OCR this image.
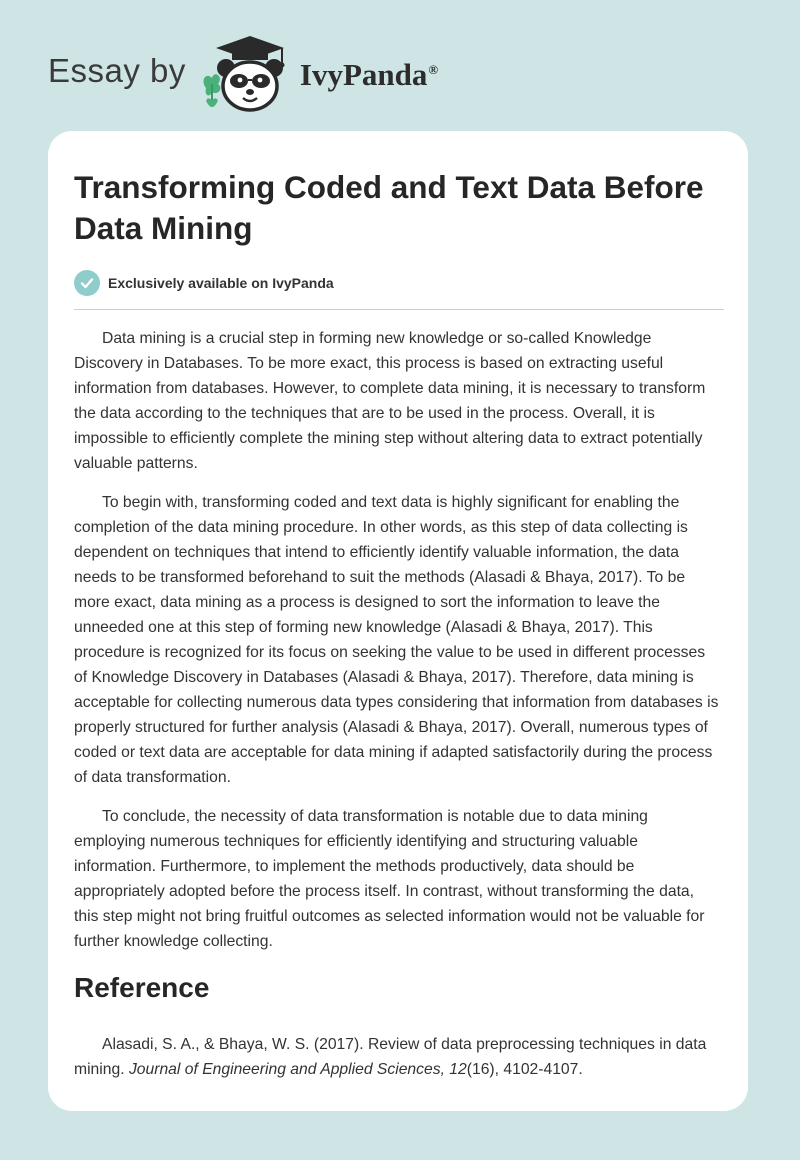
Essay by	IvyPanda®
Transforming Coded and Text Data Before Data Mining
Exclusively available on IvyPanda

Data mining is a crucial step in forming new knowledge or so-called Knowledge Discovery in Databases. To be more exact, this process is based on extracting useful information from databases. However, to complete data mining, it is necessary to transform the data according to the techniques that are to be used in the process. Overall, it is impossible to efficiently complete the mining step without altering data to extract potentially valuable patterns.

To begin with, transforming coded and text data is highly significant for enabling the completion of the data mining procedure. In other words, as this step of data collecting is dependent on techniques that intend to efficiently identify valuable information, the data needs to be transformed beforehand to suit the methods (Alasadi & Bhaya, 2017). To be more exact, data mining as a process is designed to sort the information to leave the unneeded one at this step of forming new knowledge (Alasadi & Bhaya, 2017). This procedure is recognized for its focus on seeking the value to be used in different processes of Knowledge Discovery in Databases (Alasadi & Bhaya, 2017). Therefore, data mining is acceptable for collecting numerous data types considering that information from databases is properly structured for further analysis (Alasadi & Bhaya, 2017). Overall, numerous types of coded or text data are acceptable for data mining if adapted satisfactorily during the process of data transformation.

To conclude, the necessity of data transformation is notable due to data mining employing numerous techniques for efficiently identifying and structuring valuable information. Furthermore, to implement the methods productively, data should be appropriately adopted before the process itself. In contrast, without transforming the data, this step might not bring fruitful outcomes as selected information would not be valuable for further knowledge collecting.

Reference

Alasadi, S. A., & Bhaya, W. S. (2017). Review of data preprocessing techniques in data mining. Journal of Engineering and Applied Sciences, 12(16), 4102-4107.
